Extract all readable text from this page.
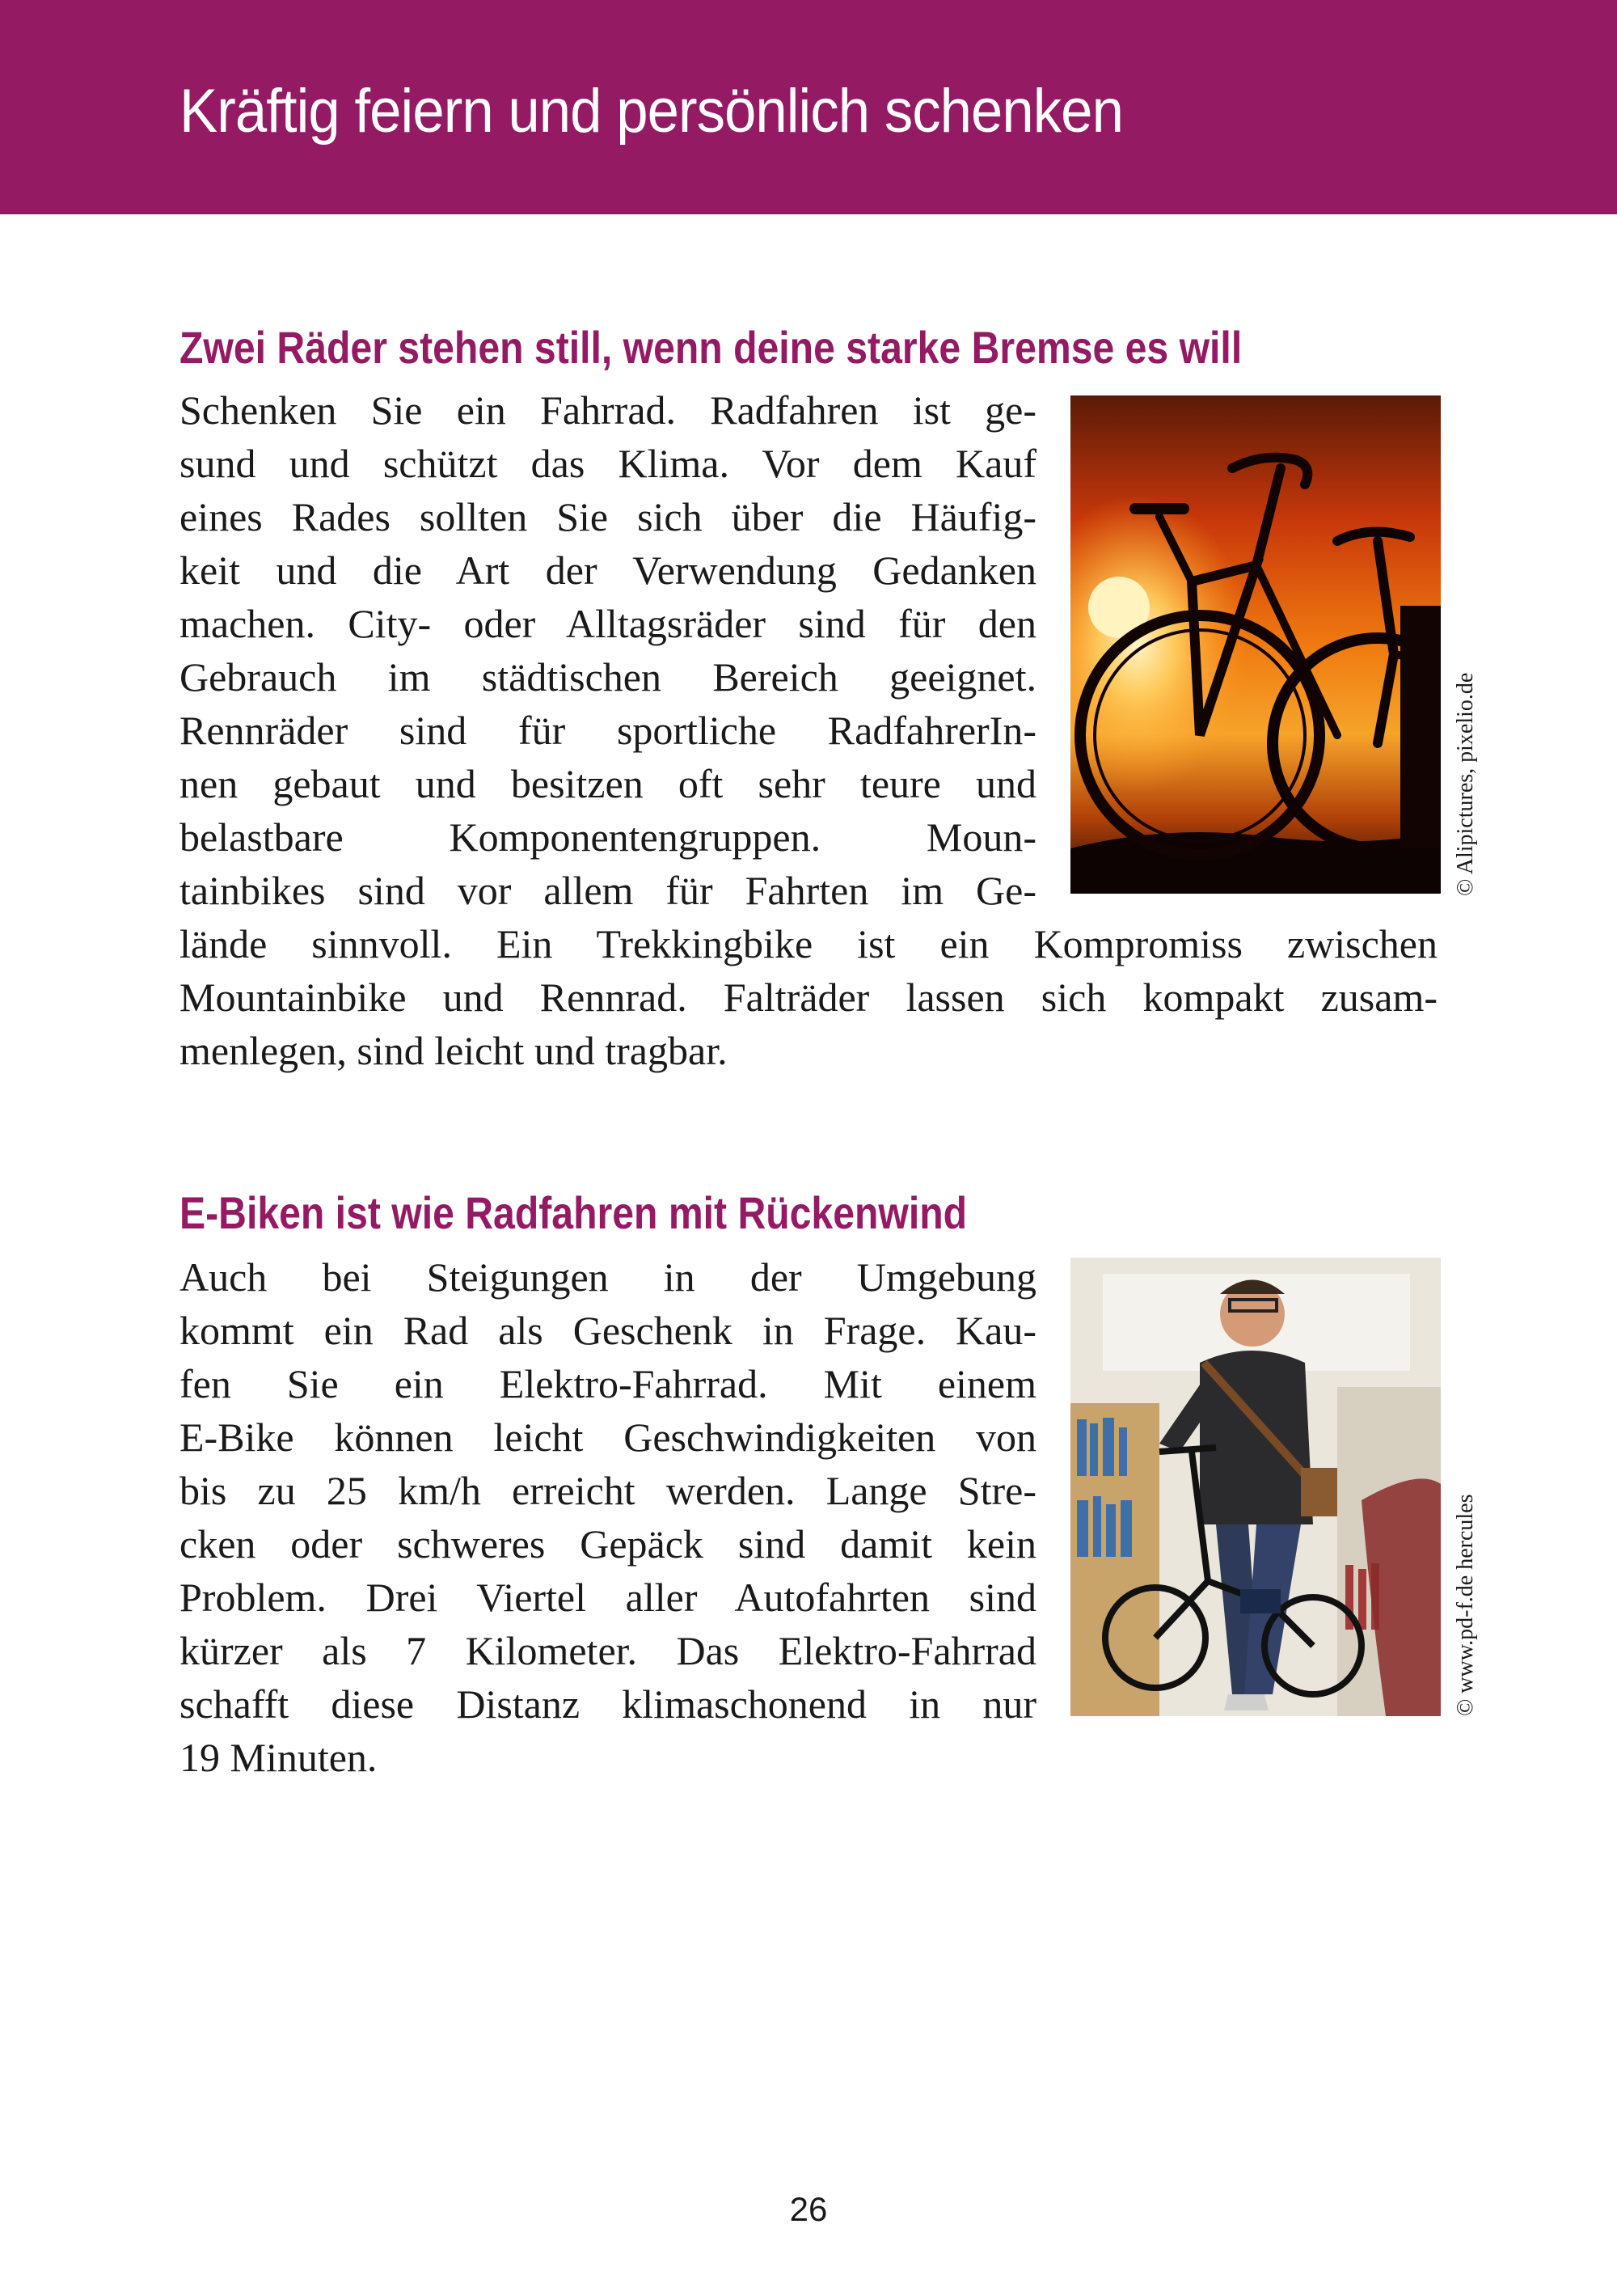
Kräftig feiern und persönlich schenken
Zwei Räder stehen still, wenn deine starke Bremse es will

Schenken Sie ein Fahrrad. Radfahren ist ge-

sund und schützt das Klima. Vor dem Kauf

eines Rades sollten Sie sich über die Häufig-

keit und die Art der Verwendung Gedanken

machen. City- oder Alltagsräder sind für den

Gebrauch im städtischen Bereich geeignet.

Rennräder sind für sportliche RadfahrerIn-

nen gebaut und besitzen oft sehr teure und

belastbare Komponentengruppen. Moun-

tainbikes sind vor allem für Fahrten im Ge-

lände sinnvoll. Ein Trekkingbike ist ein Kompromiss zwischen

Mountainbike und Rennrad. Falträder lassen sich kompakt zusam-

menlegen, sind leicht und tragbar.

© Alipictures, pixelio.de
E-Biken ist wie Radfahren mit Rückenwind

Auch bei Steigungen in der Umgebung

kommt ein Rad als Geschenk in Frage. Kau-

fen Sie ein Elektro-Fahrrad. Mit einem

E-Bike können leicht Geschwindigkeiten von

bis zu 25 km/h erreicht werden. Lange Stre-

cken oder schweres Gepäck sind damit kein

Problem. Drei Viertel aller Autofahrten sind

kürzer als 7 Kilometer. Das Elektro-Fahrrad

schafft diese Distanz klimaschonend in nur

19 Minuten.

© www.pd-f.de hercules

26
